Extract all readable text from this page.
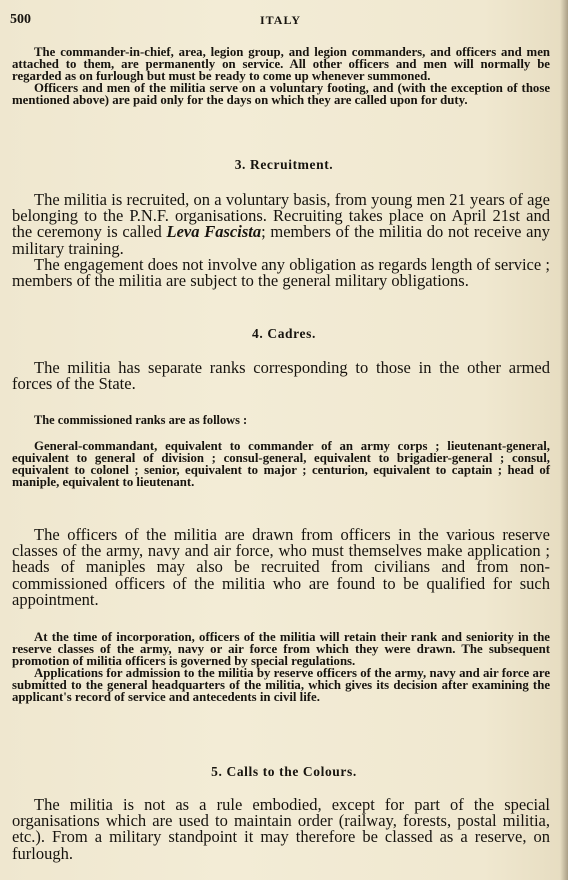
500	ITALY

The commander-in-chief, area, legion group, and legion commanders, and officers and men attached to them, are permanently on service. All other officers and men will normally be regarded as on furlough but must be ready to come up whenever summoned.

Officers and men of the militia serve on a voluntary footing, and (with the exception of those mentioned above) are paid only for the days on which they are called upon for duty.

3. Recruitment.

The militia is recruited, on a voluntary basis, from young men 21 years of age belonging to the P.N.F. organisations. Recruiting takes place on April 21st and the ceremony is called Leva Fascista; members of the militia do not receive any military training.

The engagement does not involve any obligation as regards length of service ; members of the militia are subject to the general military obligations.

4. Cadres.

The militia has separate ranks corresponding to those in the other armed forces of the State.

The commissioned ranks are as follows :

General-commandant, equivalent to commander of an army corps ; lieutenant-general, equivalent to general of division ; consul-general, equivalent to brigadier-general ; consul, equivalent to colonel ; senior, equivalent to major ; centurion, equivalent to captain ; head of maniple, equivalent to lieutenant.

The officers of the militia are drawn from officers in the various reserve classes of the army, navy and air force, who must themselves make application ; heads of maniples may also be recruited from civilians and from non-commissioned officers of the militia who are found to be qualified for such appointment.

At the time of incorporation, officers of the militia will retain their rank and seniority in the reserve classes of the army, navy or air force from which they were drawn. The subsequent promotion of militia officers is governed by special regulations.

Applications for admission to the militia by reserve officers of the army, navy and air force are submitted to the general headquarters of the militia, which gives its decision after examining the applicant's record of service and antecedents in civil life.

5. Calls to the Colours.

The militia is not as a rule embodied, except for part of the special organisations which are used to maintain order (railway, forests, postal militia, etc.). From a military standpoint it may therefore be classed as a reserve, on furlough.
